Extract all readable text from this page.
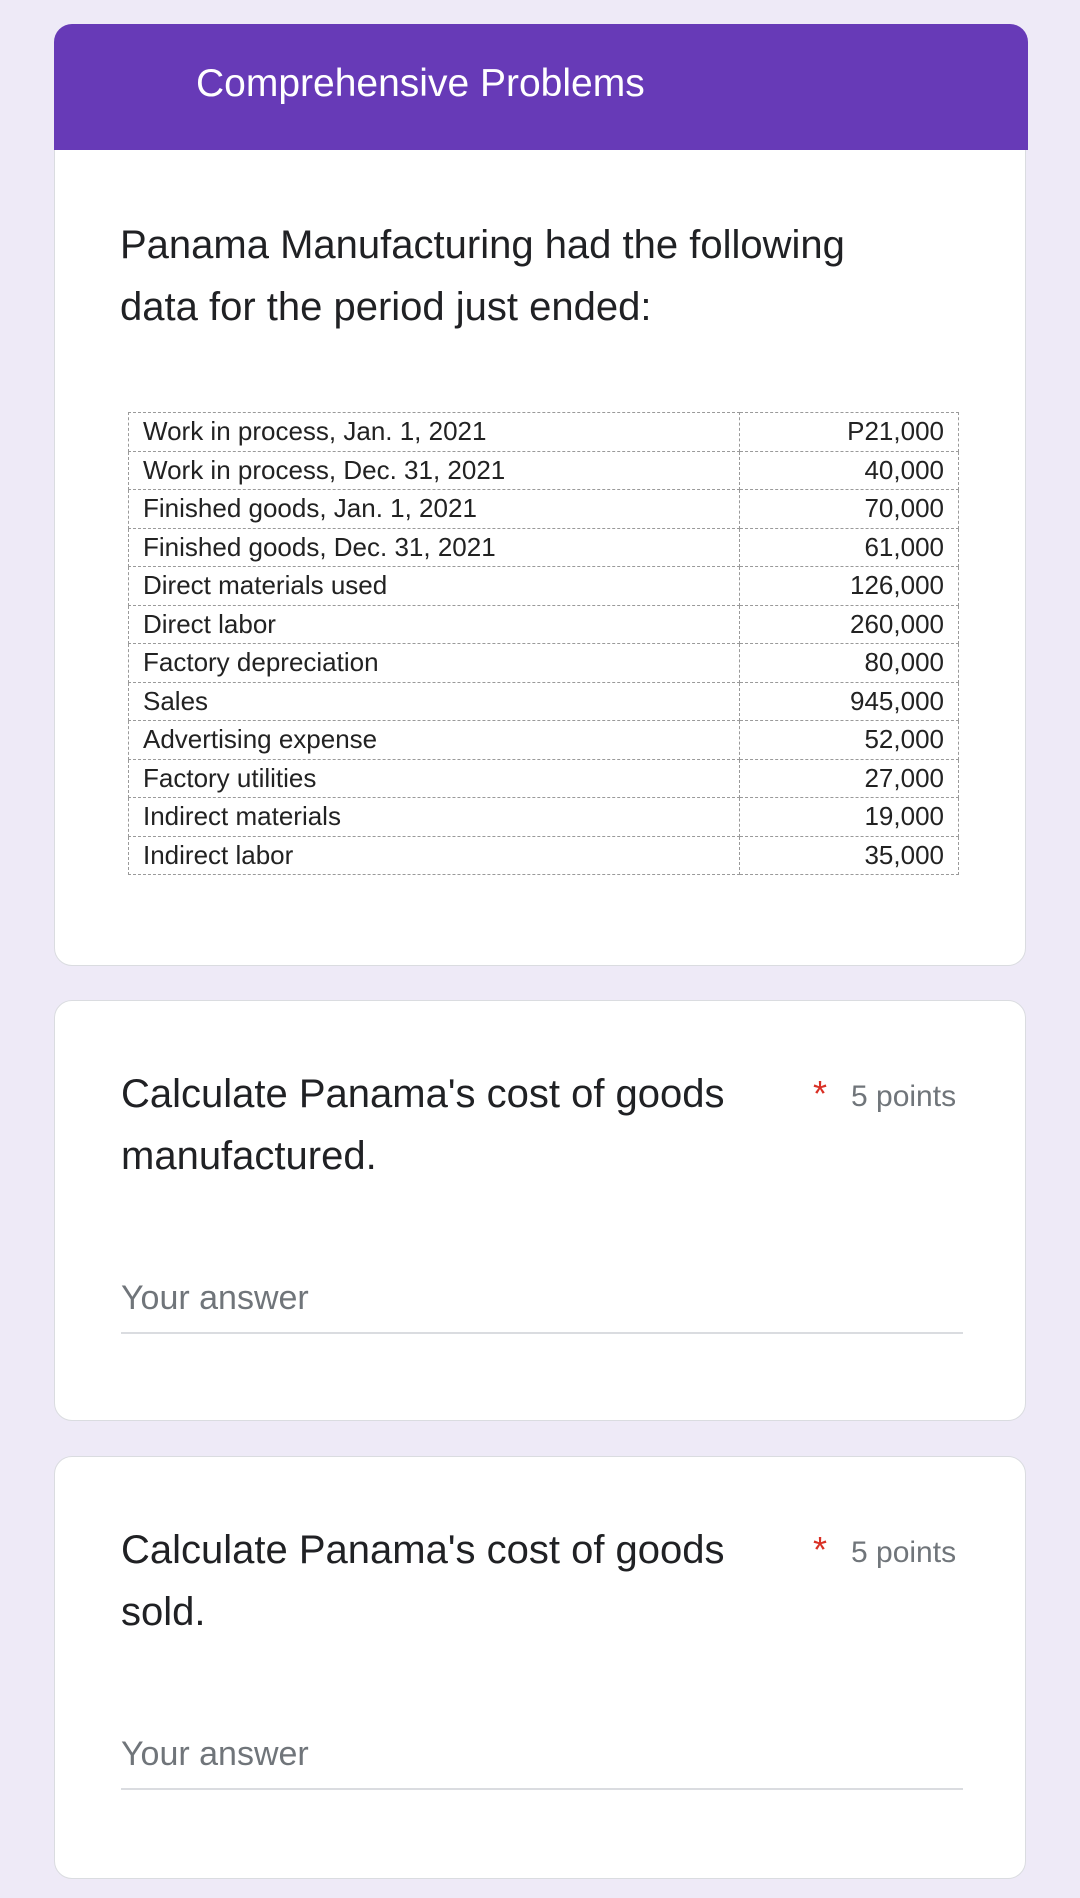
Comprehensive Problems
Panama Manufacturing had the following data for the period just ended:
Work in process, Jan. 1, 2021	P21,000
Work in process, Dec. 31, 2021	40,000
Finished goods, Jan. 1, 2021	70,000
Finished goods, Dec. 31, 2021	61,000
Direct materials used	126,000
Direct labor	260,000
Factory depreciation	80,000
Sales	945,000
Advertising expense	52,000
Factory utilities	27,000
Indirect materials	19,000
Indirect labor	35,000
Calculate Panama's cost of goods manufactured.
* 5 points
Your answer
Calculate Panama's cost of goods sold.
* 5 points
Your answer
